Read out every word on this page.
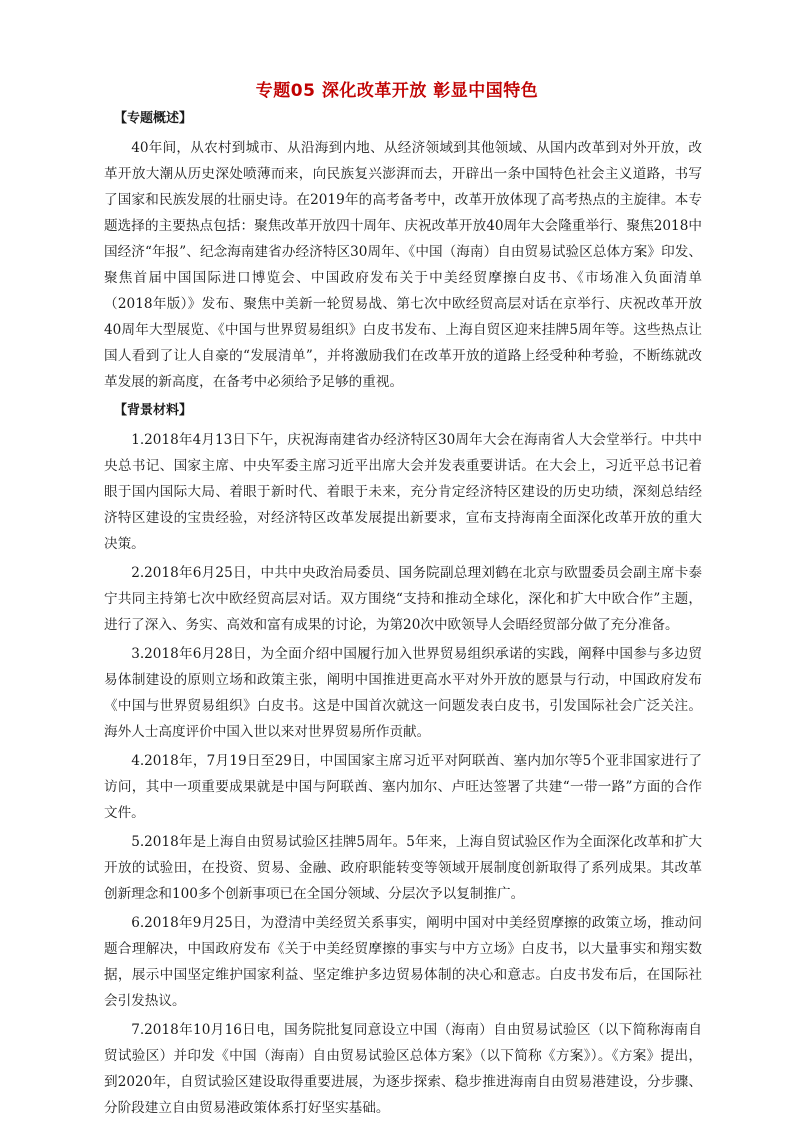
专题05 深化改革开放 彰显中国特色
【专题概述】

40年间，从农村到城市、从沿海到内地、从经济领域到其他领域、从国内改革到对外开放，改革开放大潮从历史深处喷薄而来，向民族复兴澎湃而去，开辟出一条中国特色社会主义道路，书写了国家和民族发展的壮丽史诗。在2019年的高考备考中，改革开放体现了高考热点的主旋律。本专题选择的主要热点包括：聚焦改革开放四十周年、庆祝改革开放40周年大会隆重举行、聚焦2018中国经济“年报”、纪念海南建省办经济特区30周年、《中国（海南）自由贸易试验区总体方案》印发、聚焦首届中国国际进口博览会、中国政府发布关于中美经贸摩擦白皮书、《市场准入负面清单（2018年版）》发布、聚焦中美新一轮贸易战、第七次中欧经贸高层对话在京举行、庆祝改革开放40周年大型展览、《中国与世界贸易组织》白皮书发布、上海自贸区迎来挂牌5周年等。这些热点让国人看到了让人自豪的“发展清单”，并将激励我们在改革开放的道路上经受种种考验，不断练就改革发展的新高度，在备考中必须给予足够的重视。

【背景材料】

1.2018年4月13日下午，庆祝海南建省办经济特区30周年大会在海南省人大会堂举行。中共中央总书记、国家主席、中央军委主席习近平出席大会并发表重要讲话。在大会上，习近平总书记着眼于国内国际大局、着眼于新时代、着眼于未来，充分肯定经济特区建设的历史功绩，深刻总结经济特区建设的宝贵经验，对经济特区改革发展提出新要求，宣布支持海南全面深化改革开放的重大决策。

2.2018年6月25日，中共中央政治局委员、国务院副总理刘鹤在北京与欧盟委员会副主席卡泰宁共同主持第七次中欧经贸高层对话。双方围绕“支持和推动全球化，深化和扩大中欧合作”主题，进行了深入、务实、高效和富有成果的讨论，为第20次中欧领导人会晤经贸部分做了充分准备。

3.2018年6月28日，为全面介绍中国履行加入世界贸易组织承诺的实践，阐释中国参与多边贸易体制建设的原则立场和政策主张，阐明中国推进更高水平对外开放的愿景与行动，中国政府发布《中国与世界贸易组织》白皮书。这是中国首次就这一问题发表白皮书，引发国际社会广泛关注。海外人士高度评价中国入世以来对世界贸易所作贡献。

4.2018年，7月19日至29日，中国国家主席习近平对阿联酋、塞内加尔等5个亚非国家进行了访问，其中一项重要成果就是中国与阿联酋、塞内加尔、卢旺达签署了共建“一带一路”方面的合作文件。

5.2018年是上海自由贸易试验区挂牌5周年。5年来，上海自贸试验区作为全面深化改革和扩大开放的试验田，在投资、贸易、金融、政府职能转变等领域开展制度创新取得了系列成果。其改革创新理念和100多个创新事项已在全国分领域、分层次予以复制推广。

6.2018年9月25日，为澄清中美经贸关系事实，阐明中国对中美经贸摩擦的政策立场，推动问题合理解决，中国政府发布《关于中美经贸摩擦的事实与中方立场》白皮书，以大量事实和翔实数据，展示中国坚定维护国家利益、坚定维护多边贸易体制的决心和意志。白皮书发布后，在国际社会引发热议。

7.2018年10月16日电，国务院批复同意设立中国（海南）自由贸易试验区（以下简称海南自贸试验区）并印发《中国（海南）自由贸易试验区总体方案》（以下简称《方案》）。《方案》提出，到2020年，自贸试验区建设取得重要进展，为逐步探索、稳步推进海南自由贸易港建设，分步骤、分阶段建立自由贸易港政策体系打好坚实基础。
